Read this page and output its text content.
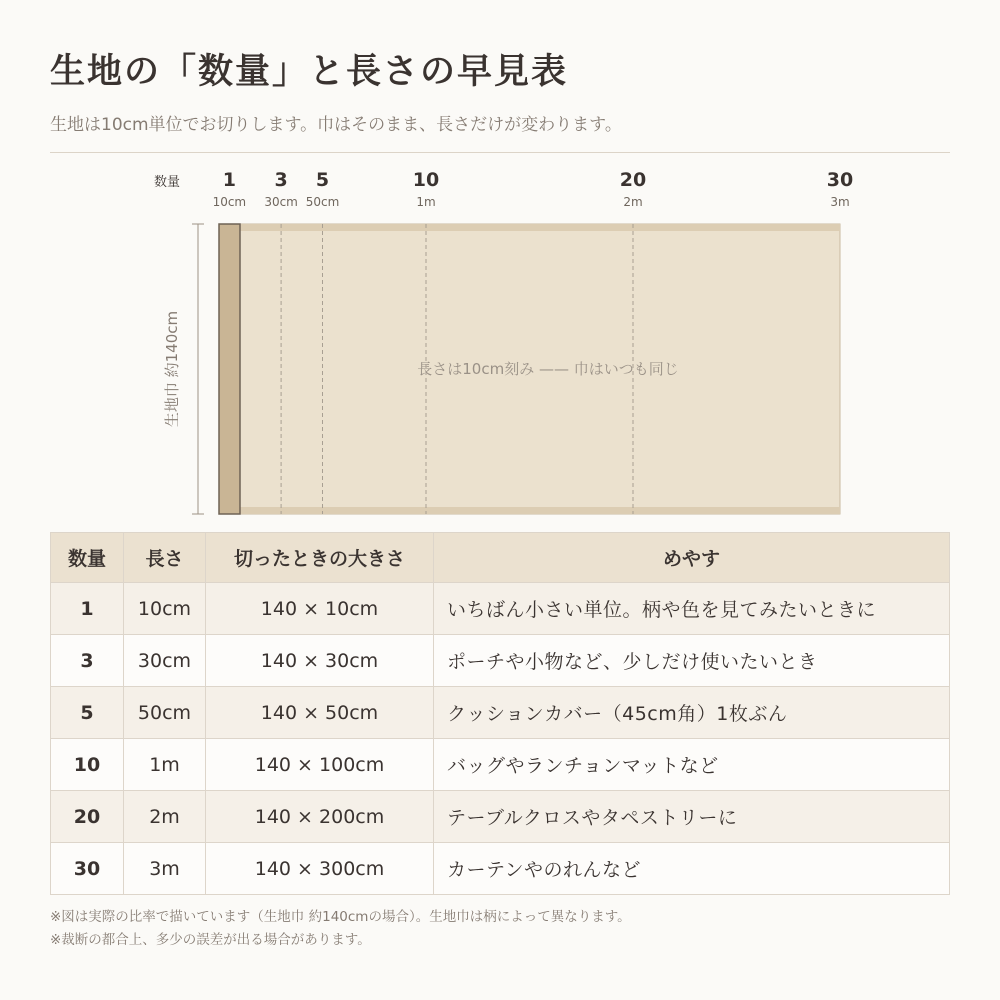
生地の「数量」と長さの早見表
生地は10cm単位でお切りします。巾はそのまま、長さだけが変わります。
数量 1
10cm
3
30cm
5
50cm
10
1m
20
2m
30
3m
生地巾 約140cm	長さは10cm刻み —— 巾はいつも同じ
数量	長さ	切ったときの大きさ	めやす
1	10cm	140 × 10cm	いちばん小さい単位。柄や色を見てみたいときに
3	30cm	140 × 30cm	ポーチや小物など、少しだけ使いたいとき
5	50cm	140 × 50cm	クッションカバー（45cm角）1枚ぶん
10	1m	140 × 100cm	バッグやランチョンマットなど
20	2m	140 × 200cm	テーブルクロスやタペストリーに
30	3m	140 × 300cm	カーテンやのれんなど
※図は実際の比率で描いています（生地巾 約140cmの場合）。生地巾は柄によって異なります。
※裁断の都合上、多少の誤差が出る場合があります。
